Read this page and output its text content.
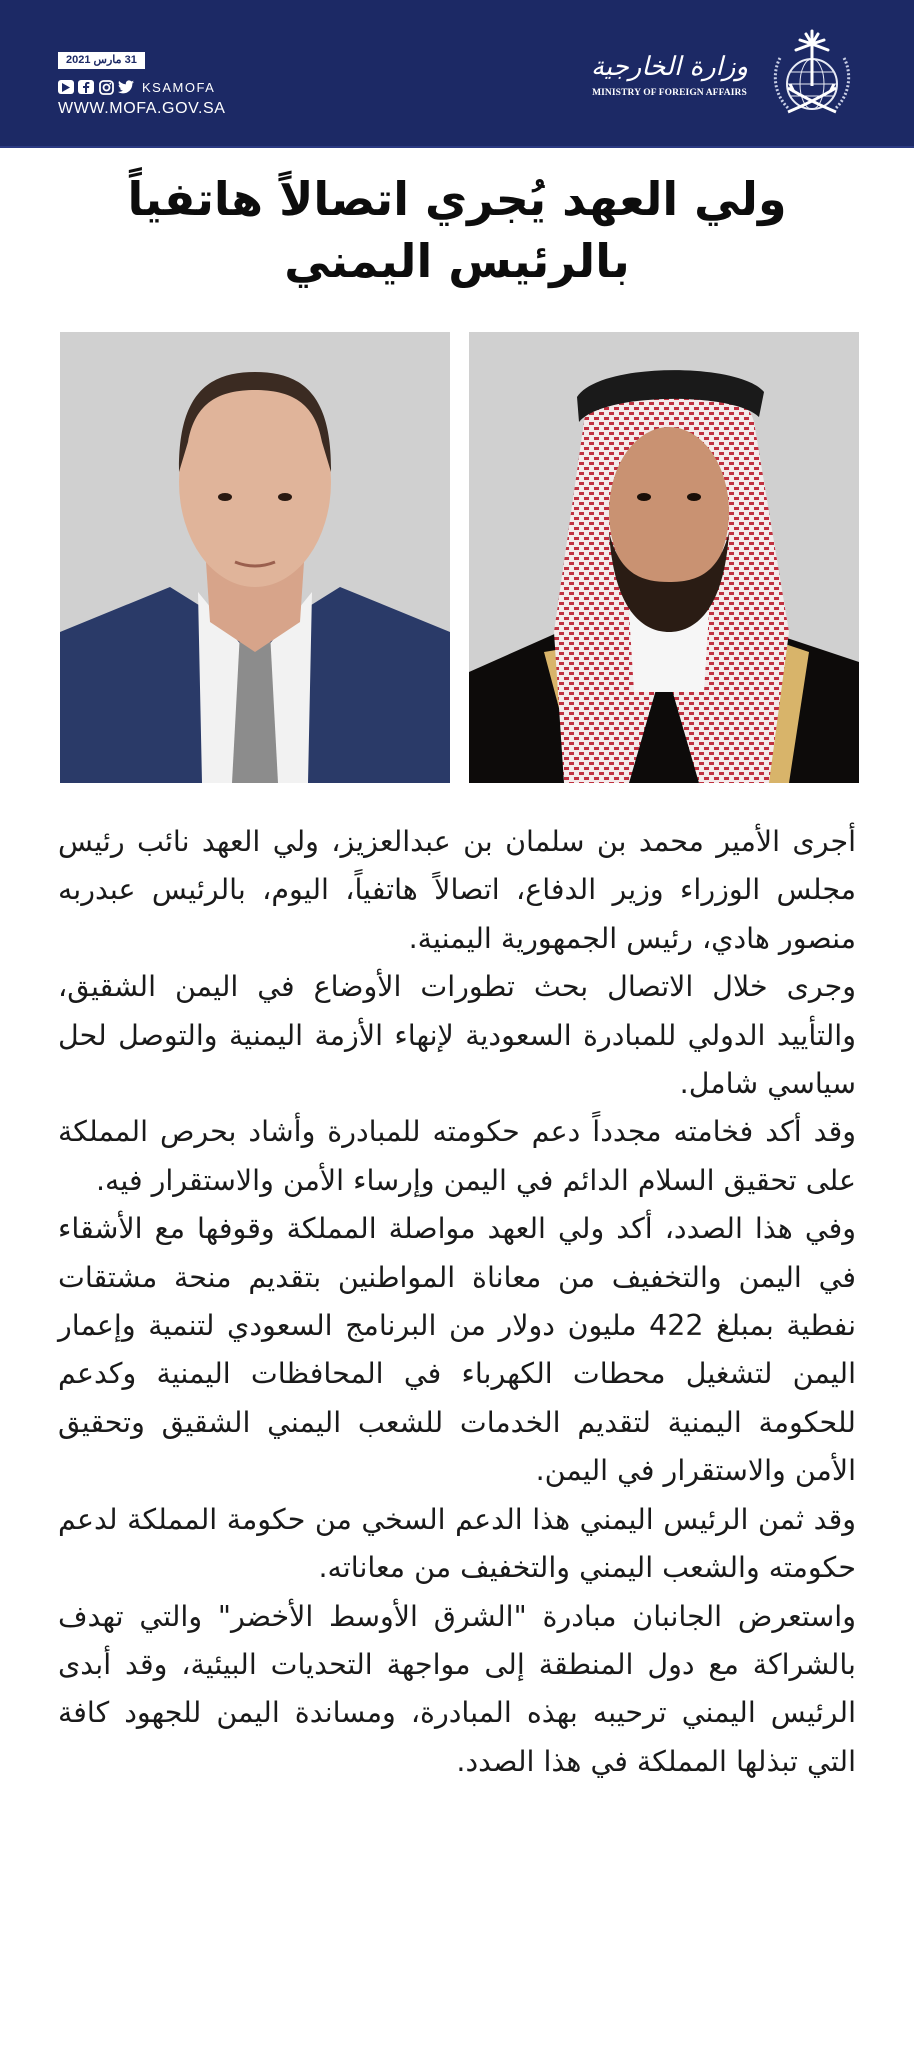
31 مارس 2021
KSAMOFA
WWW.MOFA.GOV.SA
وزارة الخارجية
MINISTRY OF FOREIGN AFFAIRS
ولي العهد يُجري اتصالاً هاتفياً
بالرئيس اليمني

أجرى الأمير محمد بن سلمان بن عبدالعزيز، ولي العهد نائب رئيس مجلس الوزراء وزير الدفاع، اتصالاً هاتفياً، اليوم، بالرئيس عبدربه منصور هادي، رئيس الجمهورية اليمنية.

وجرى خلال الاتصال بحث تطورات الأوضاع في اليمن الشقيق، والتأييد الدولي للمبادرة السعودية لإنهاء الأزمة اليمنية والتوصل لحل سياسي شامل.

وقد أكد فخامته مجدداً دعم حكومته للمبادرة وأشاد بحرص المملكة على تحقيق السلام الدائم في اليمن وإرساء الأمن والاستقرار فيه.

وفي هذا الصدد، أكد ولي العهد مواصلة المملكة وقوفها مع الأشقاء في اليمن والتخفيف من معاناة المواطنين بتقديم منحة مشتقات نفطية بمبلغ 422 مليون دولار من البرنامج السعودي لتنمية وإعمار اليمن لتشغيل محطات الكهرباء في المحافظات اليمنية وكدعم للحكومة اليمنية لتقديم الخدمات للشعب اليمني الشقيق وتحقيق الأمن والاستقرار في اليمن.

وقد ثمن الرئيس اليمني هذا الدعم السخي من حكومة المملكة لدعم حكومته والشعب اليمني والتخفيف من معاناته.

واستعرض الجانبان مبادرة "الشرق الأوسط الأخضر" والتي تهدف بالشراكة مع دول المنطقة إلى مواجهة التحديات البيئية، وقد أبدى الرئيس اليمني ترحيبه بهذه المبادرة، ومساندة اليمن للجهود كافة التي تبذلها المملكة في هذا الصدد.
